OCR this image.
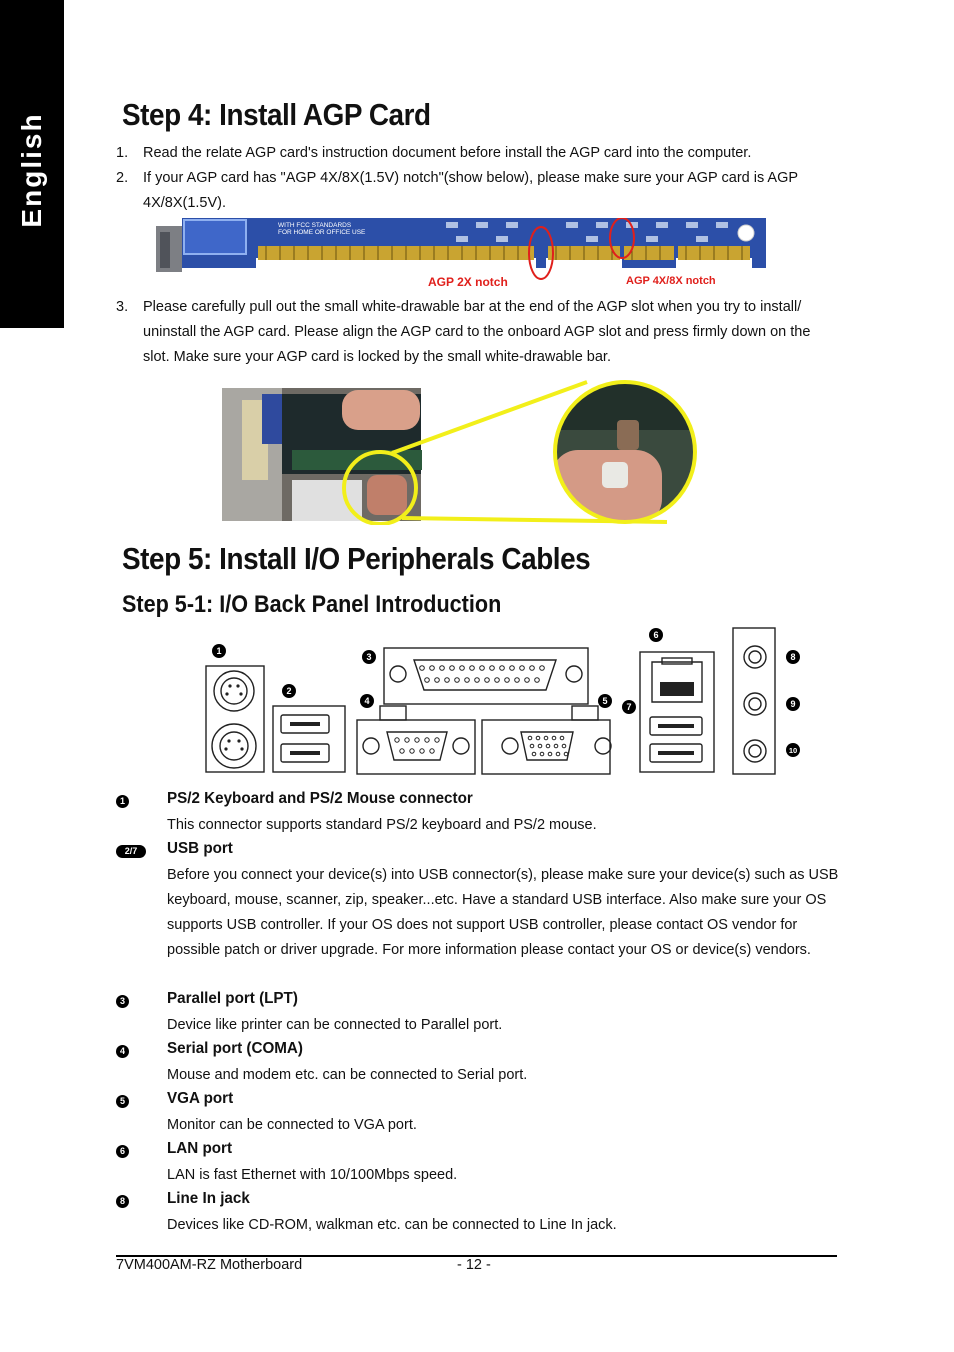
English Step 4: Install AGP Card
1. Read the relate AGP card's instruction document before install the AGP card into the computer.
2. If your AGP card has "AGP 4X/8X(1.5V) notch"(show below), please make sure your AGP card is AGP 4X/8X(1.5V).
WITH FCC STANDARDS
FOR HOME OR OFFICE USE
AGP 2X notch	AGP 4X/8X notch
3. Please carefully pull out the small white-drawable bar at the end of the AGP slot when you try to install/ uninstall the AGP card. Please align the AGP card to the onboard AGP slot and press firmly down on the slot. Make sure your AGP card is locked by the small white-drawable bar.
Step 5: Install I/O Peripherals Cables
Step 5-1: I/O Back Panel Introduction
1
2
3
4	5
6
7
8
9
10
1	PS/2 Keyboard and PS/2 Mouse connector
This connector supports standard PS/2 keyboard and PS/2 mouse.
2/7	USB port
Before you connect your device(s) into USB connector(s), please make sure your device(s) such as USB keyboard, mouse, scanner, zip, speaker...etc. Have a standard USB interface. Also make sure your OS supports USB controller. If your OS does not support USB controller, please contact OS vendor for possible patch or driver upgrade. For more information please contact your OS or device(s) vendors.
3	Parallel port (LPT)
Device like printer can be connected to Parallel port.
4	Serial port (COMA)
Mouse and modem etc. can be connected to Serial port.
5	VGA port
Monitor can be connected to VGA port.
6	LAN port
LAN is fast Ethernet with 10/100Mbps speed.
8	Line In jack
Devices like CD-ROM, walkman etc. can be connected to Line In jack.
7VM400AM-RZ Motherboard	- 12 -
